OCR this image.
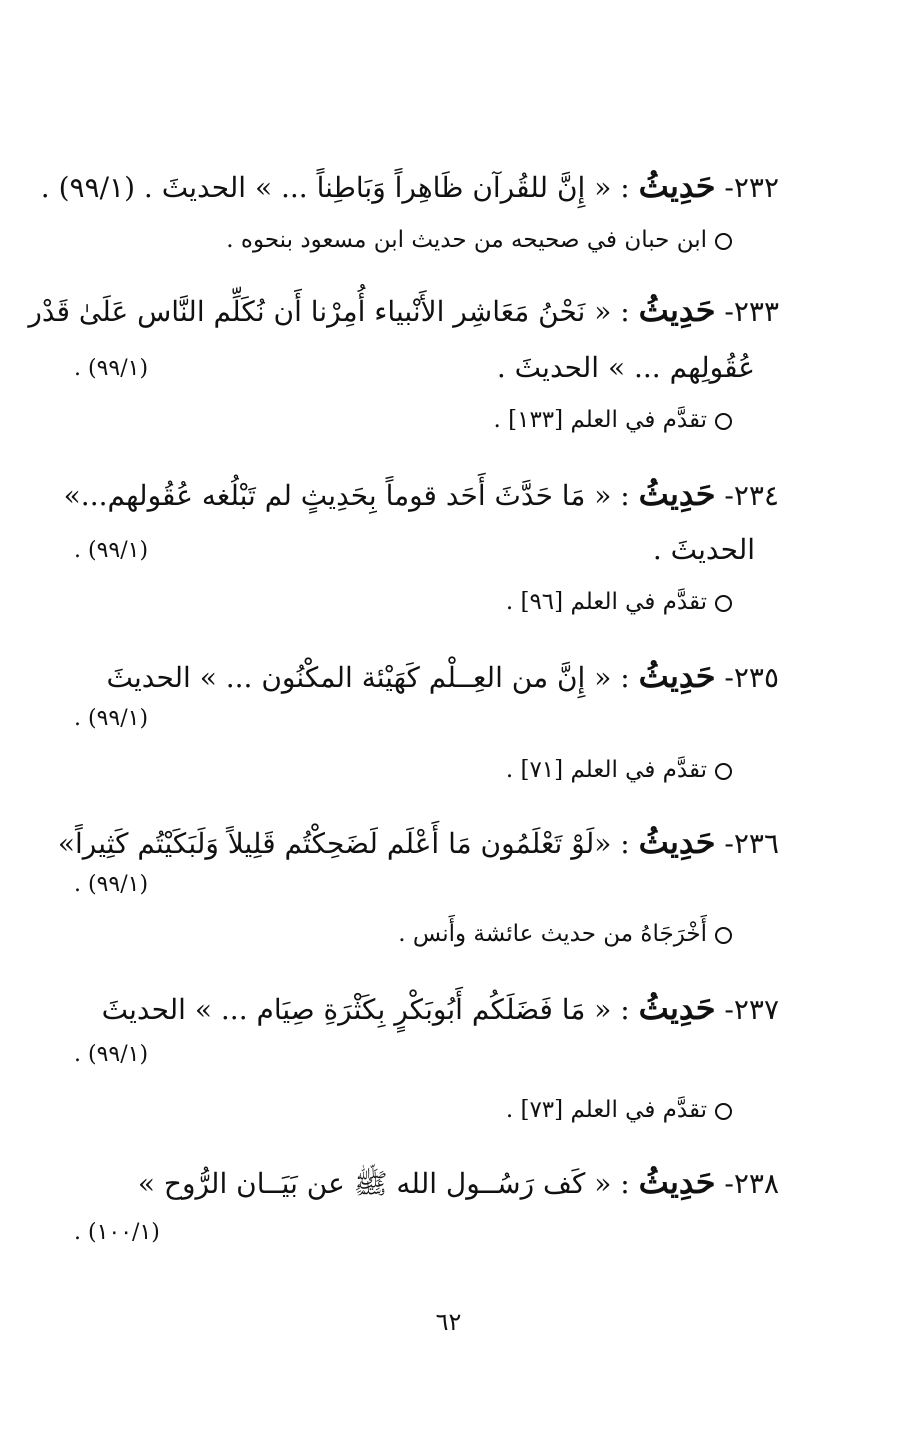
٢٣٢- حَدِيثُ : « إِنَّ للقُرآن ظَاهِراً وَبَاطِناً ... » الحديثَ . (٩٩/١) .
ابن حبان في صحيحه من حديث ابن مسعود بنحوه .
٢٣٣- حَدِيثُ : « نَحْنُ مَعَاشِر الأَنْبياء أُمِرْنا أَن نُكَلِّم النَّاس عَلَىٰ قَدْر
عُقُولِهم ... » الحديثَ .
(٩٩/١) .
تقدَّم في العلم [١٣٣] .
٢٣٤- حَدِيثُ : « مَا حَدَّثَ أَحَد قوماً بِحَدِيثٍ لم تَبْلُغه عُقُولهم...»
الحديثَ .
(٩٩/١) .
تقدَّم في العلم [٩٦] .
٢٣٥- حَدِيثُ : « إِنَّ من العِــلْم كَهَيْئة المكْنُون ... » الحديثَ
(٩٩/١) .
تقدَّم في العلم [٧١] .
٢٣٦- حَدِيثُ : «لَوْ تَعْلَمُون مَا أَعْلَم لَضَحِكْتُم قَلِيلاً وَلَبَكَيْتُم كَثِيراً»
(٩٩/١) .
أَخْرَجَاهُ من حديث عائشة وأَنس .
٢٣٧- حَدِيثُ : « مَا فَضَلَكُم أَبُوبَكْرٍ بِكَثْرَةِ صِيَام ... » الحديثَ
(٩٩/١) .
تقدَّم في العلم [٧٣] .
٢٣٨- حَدِيثُ : « كَف رَسُــول الله ﷺ عن بَيَــان الرُّوح »
(١٠٠/١) .
٦٢
